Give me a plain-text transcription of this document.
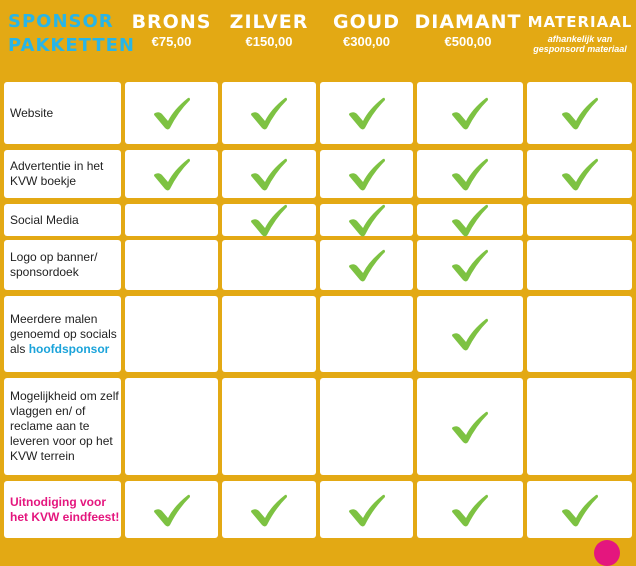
SPONSOR
PAKKETTEN
BRONS
€75,00
ZILVER
€150,00
GOUD
€300,00
DIAMANT
€500,00
MATERIAAL
afhankelijk van gesponsord materiaal
Website
Advertentie in het KVW boekje
Social Media
Logo op banner/ sponsordoek
Meerdere malen genoemd op socials als hoofdsponsor
Mogelijkheid om zelf vlaggen en/ of reclame aan te leveren voor op het KVW terrein
Uitnodiging voor het KVW eindfeest!
